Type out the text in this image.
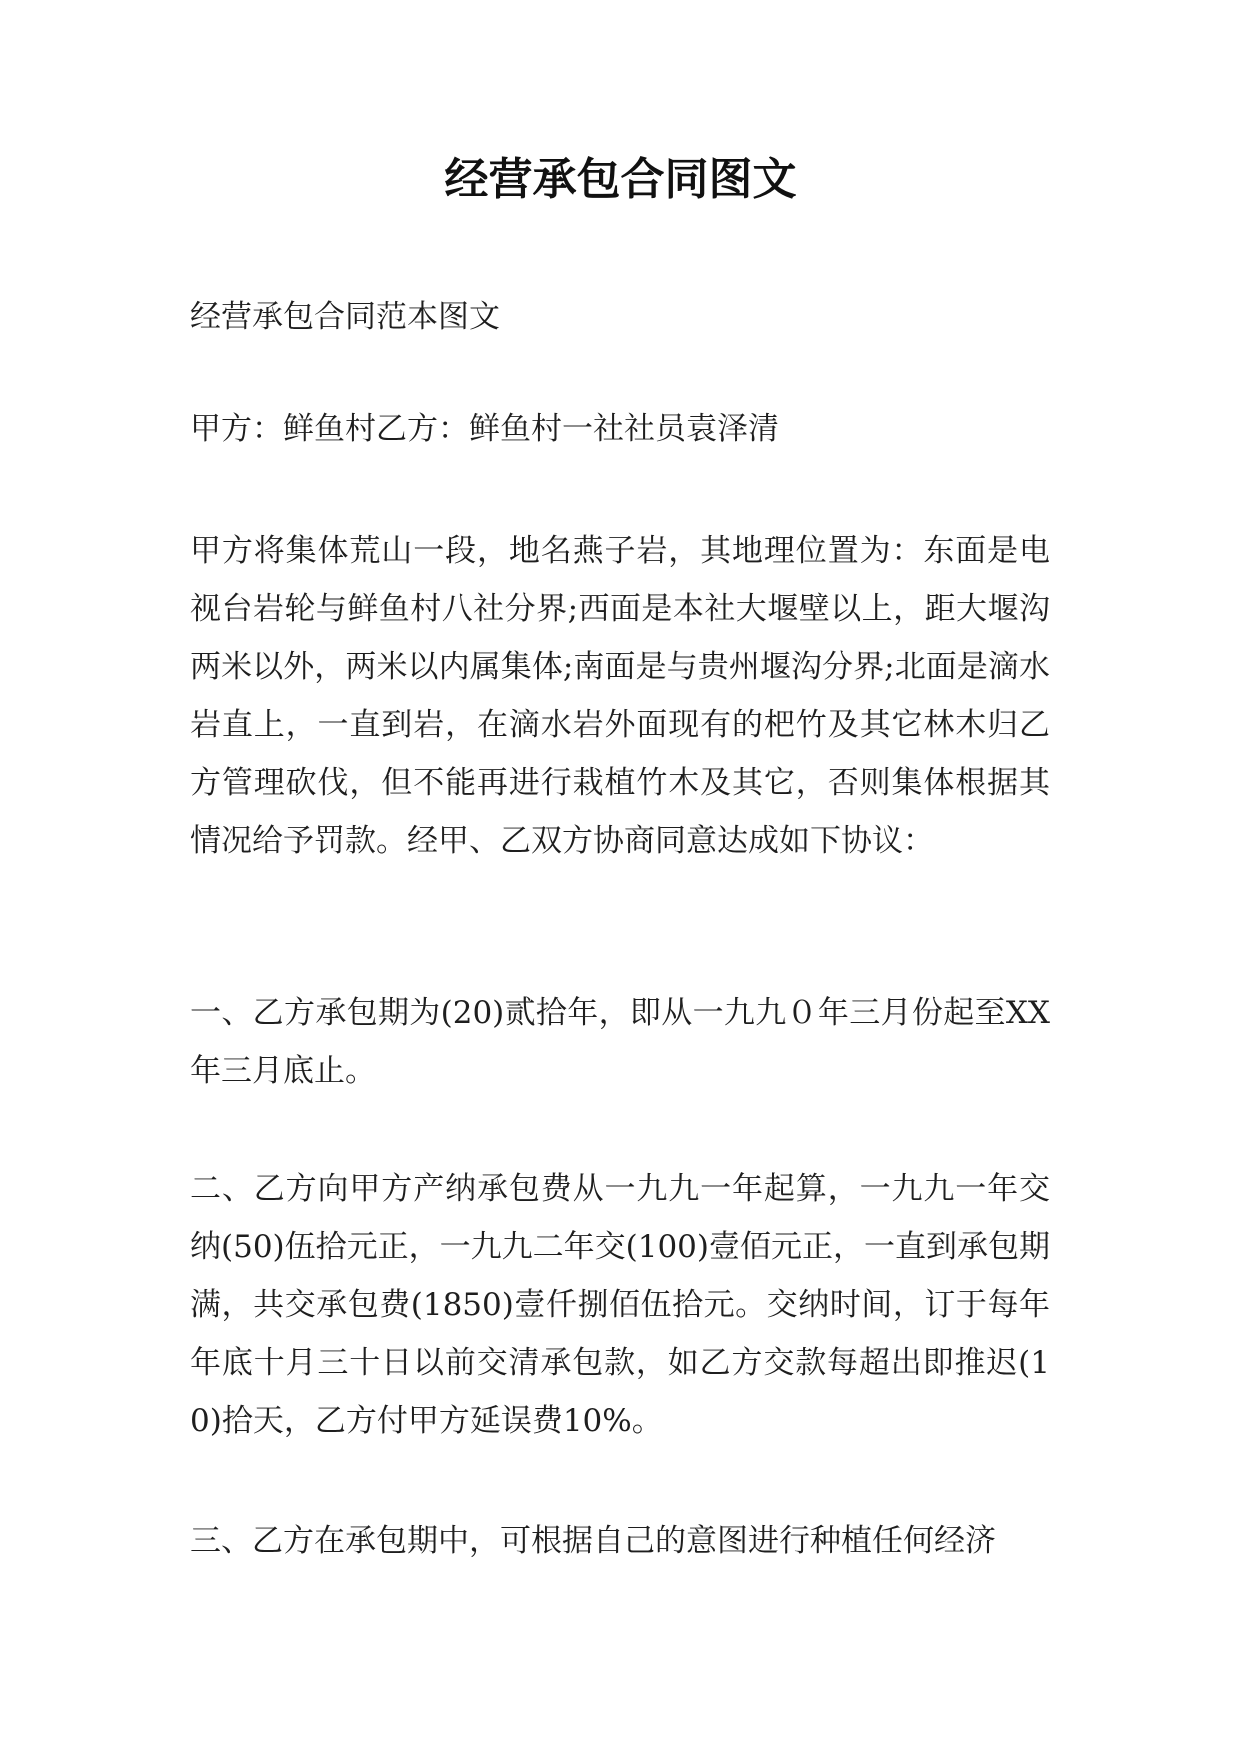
经营承包合同图文

经营承包合同范本图文

甲方：鲜鱼村乙方：鲜鱼村一社社员袁泽清

甲方将集体荒山一段，地名燕子岩，其地理位置为：东面是电视台岩轮与鲜鱼村八社分界;西面是本社大堰壁以上，距大堰沟两米以外，两米以内属集体;南面是与贵州堰沟分界;北面是滴水岩直上，一直到岩，在滴水岩外面现有的杷竹及其它林木归乙方管理砍伐，但不能再进行栽植竹木及其它，否则集体根据其情况给予罚款。经甲、乙双方协商同意达成如下协议：

一、乙方承包期为(20)贰拾年，即从一九九０年三月份起至XX年三月底止。

二、乙方向甲方产纳承包费从一九九一年起算，一九九一年交纳(50)伍拾元正，一九九二年交(100)壹佰元正，一直到承包期满，共交承包费(1850)壹仟捌佰伍拾元。交纳时间，订于每年年底十月三十日以前交清承包款，如乙方交款每超出即推迟(10)拾天，乙方付甲方延误费10%。

三、乙方在承包期中，可根据自己的意图进行种植任何经济
